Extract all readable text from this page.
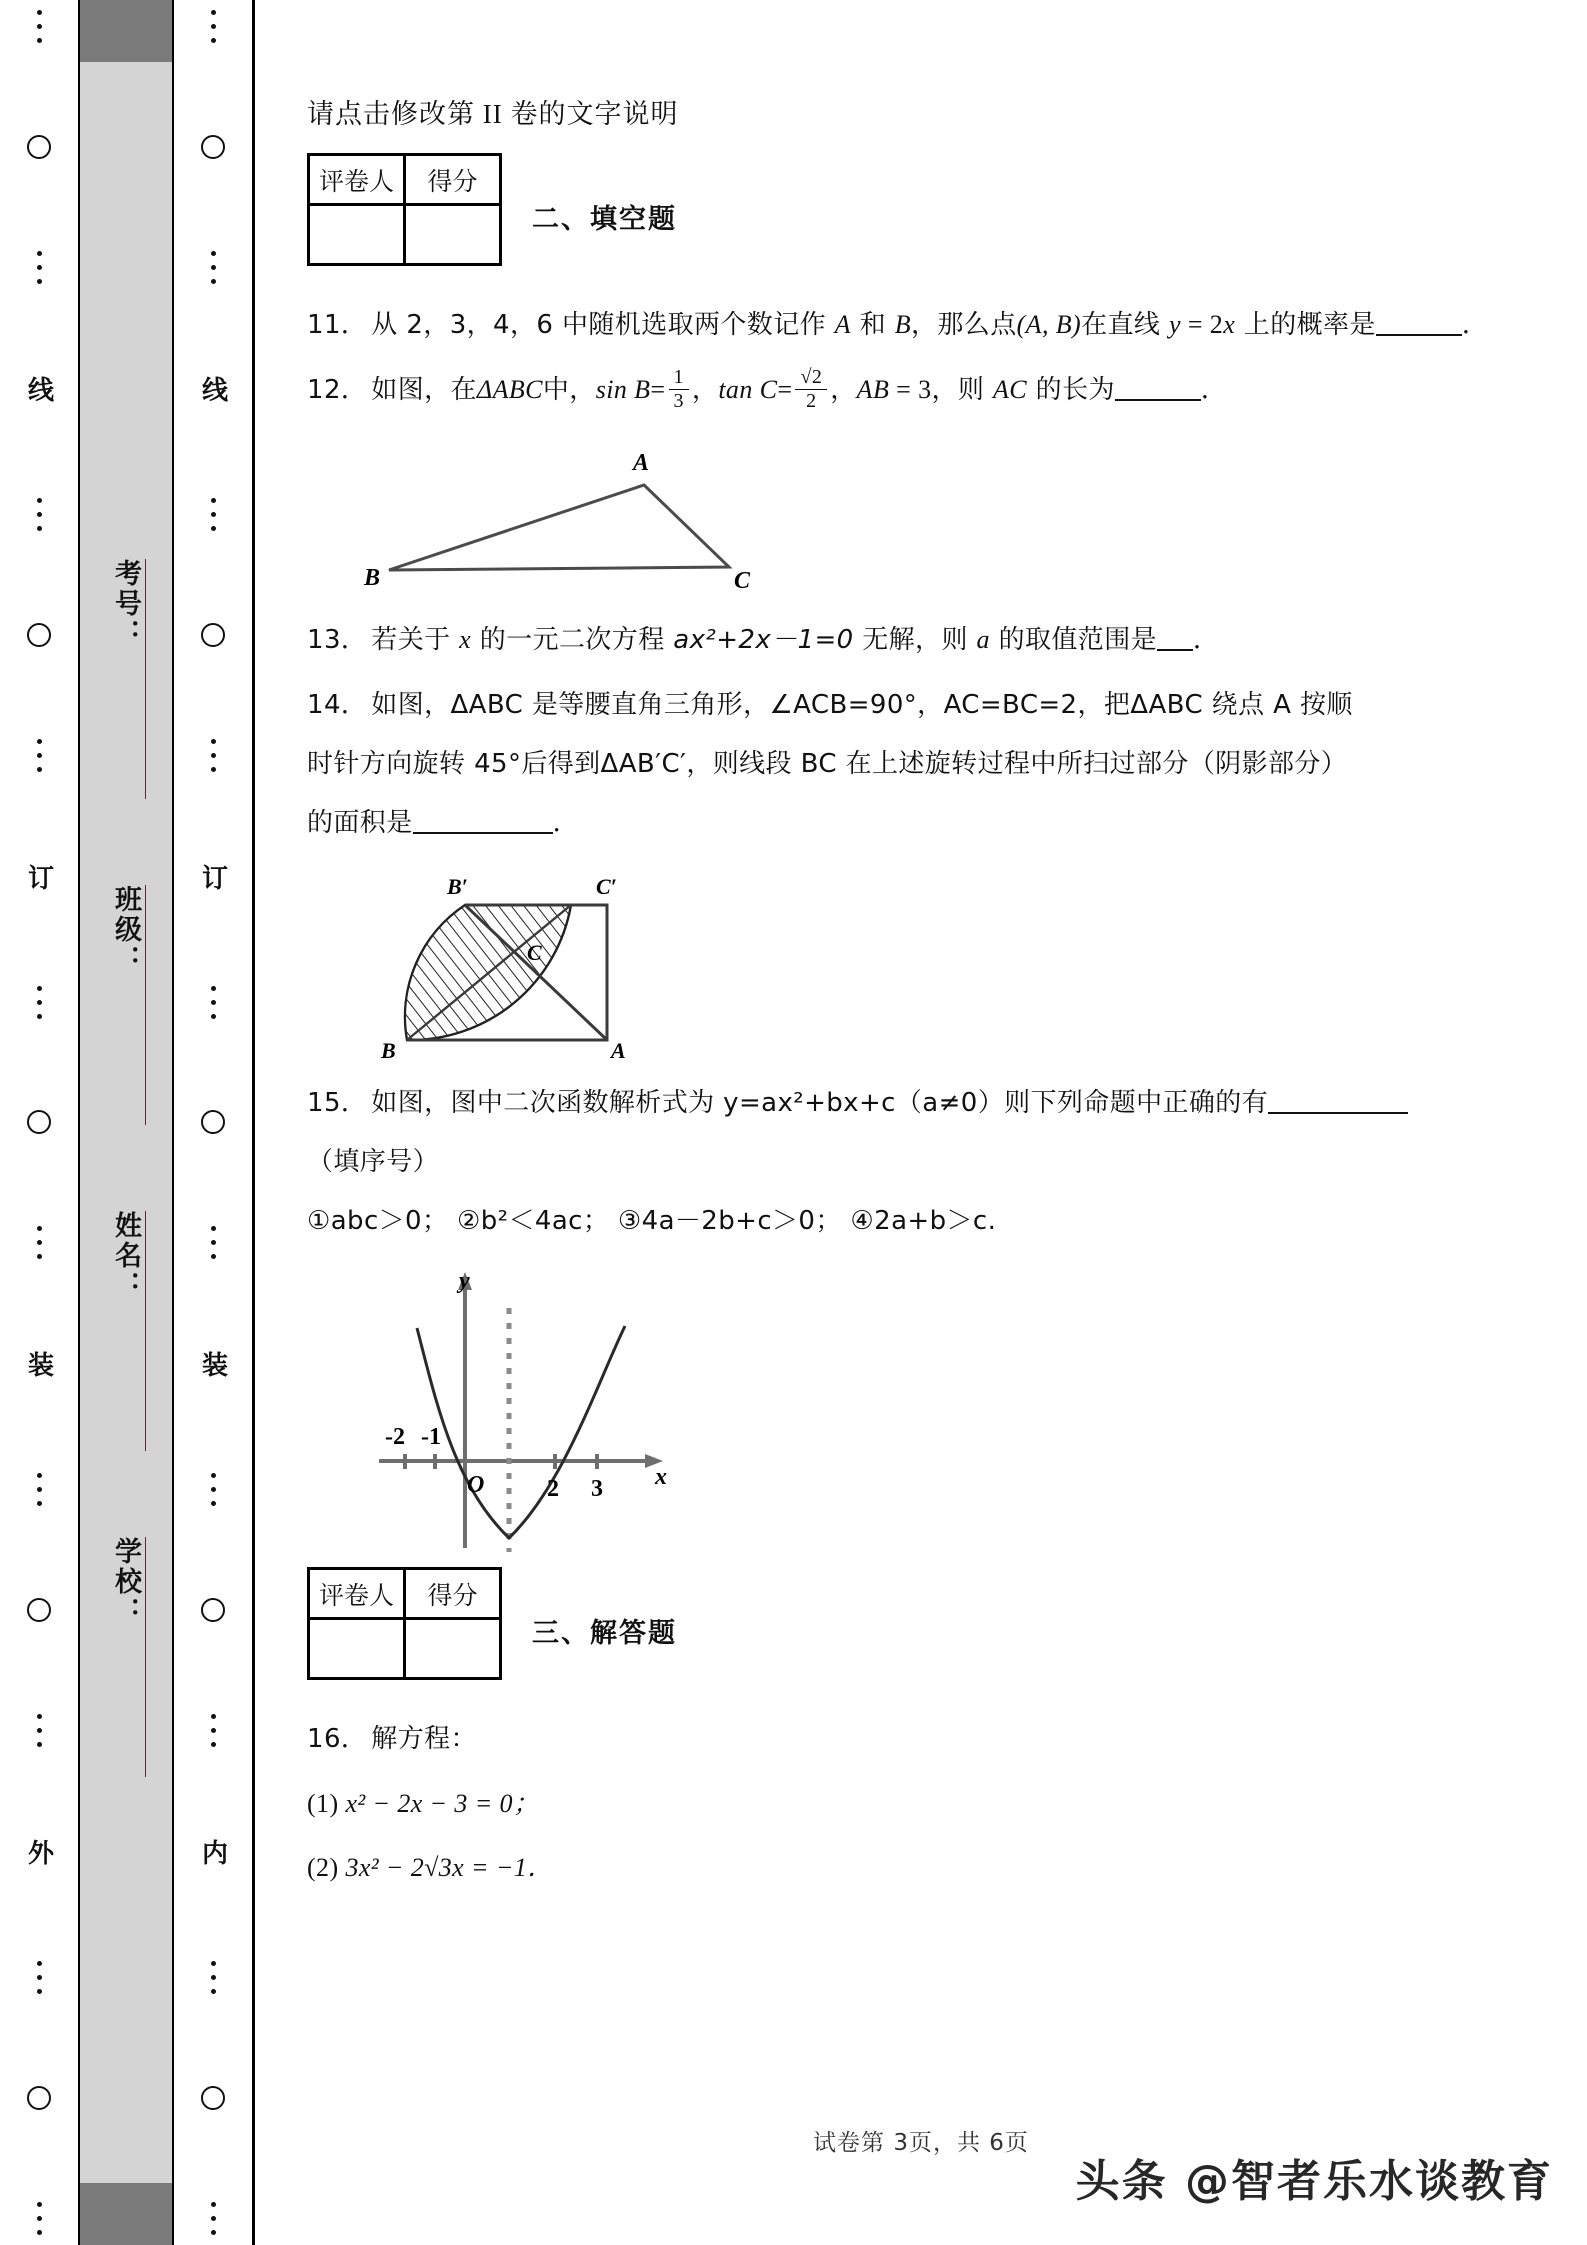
线
订
装
外
考号：
班级：
姓名：
学校：
线
订
装
内

请点击修改第 II 卷的文字说明

评卷人	得分

二、填空题

11． 从 2，3，4，6 中随机选取两个数记作 A 和 B，那么点(A, B)在直线 y = 2x 上的概率是	．

12． 如图，在ΔABC中，$\sin B= \frac{1}{3}$ ，$\tan C= \frac{√2}{2}$ ，AB = 3，则 AC 的长为	．

A
B	C

13． 若关于 x 的一元二次方程 ax²+2x－1=0 无解，则 a 的取值范围是 ．

14． 如图，ΔABC 是等腰直角三角形，∠ACB=90°，AC=BC=2，把ΔABC 绕点 A 按顺
时针方向旋转 45°后得到ΔAB′C′，则线段 BC 在上述旋转过程中所扫过部分（阴影部分）
的面积是	．

B′	C′
C
B	A

15． 如图，图中二次函数解析式为 y=ax²+bx+c（a≠0）则下列命题中正确的有
（填序号）
①abc＞0； ②b²＜4ac； ③4a－2b+c＞0； ④2a+b＞c.

y
x
O
-2 -1
2 3
评卷人	得分

三、解答题

16． 解方程：

(1) x² − 2x − 3 = 0；

(2) 3x² − 2√3x = −1．

试卷第 3页，共 6页
头条 @智者乐水谈教育
